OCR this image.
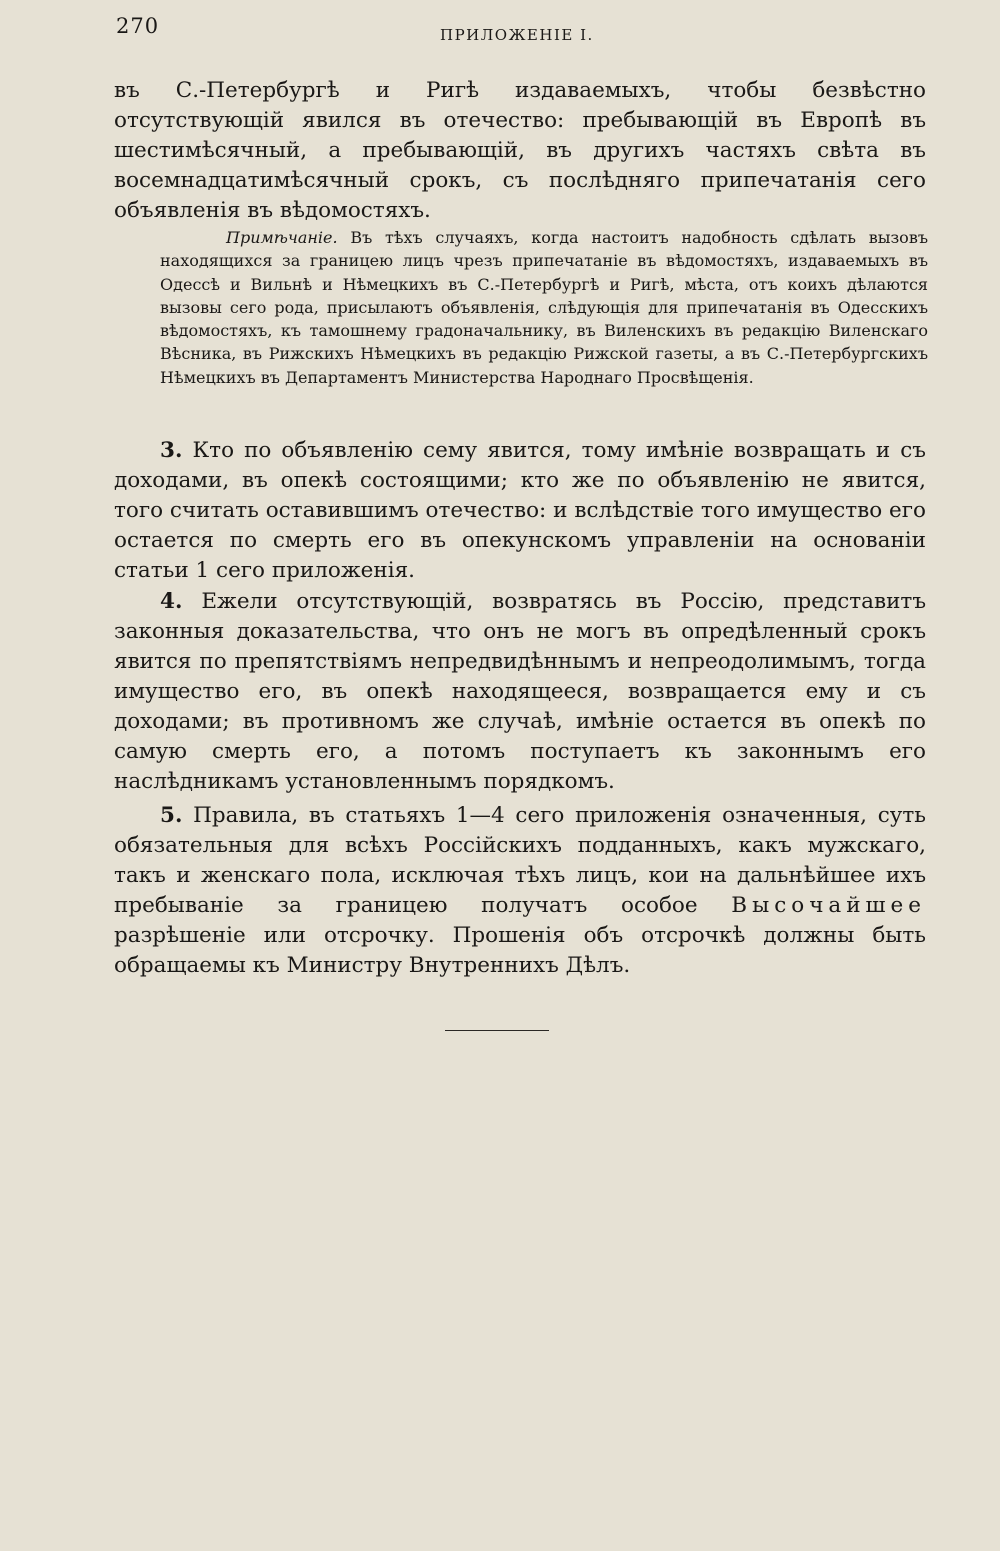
270	ПРИЛОЖЕНІЕ I.
въ С.-Петербургѣ и Ригѣ издаваемыхъ, чтобы безвѣстно отсутствующій явился въ отечество: пребывающій въ Европѣ въ шестимѣсячный, а пребывающій, въ другихъ частяхъ свѣта въ восемнадцатимѣсячный срокъ, съ послѣдняго припечатанія сего объявленія въ вѣдомостяхъ.
Примѣчаніе. Въ тѣхъ случаяхъ, когда настоитъ надобность сдѣлать вызовъ находящихся за границею лицъ чрезъ припечатаніе въ вѣдомостяхъ, издаваемыхъ въ Одессѣ и Вильнѣ и Нѣмецкихъ въ С.-Петербургѣ и Ригѣ, мѣста, отъ коихъ дѣлаются вызовы сего рода, присылаютъ объявленія, слѣдующія для припечатанія въ Одесскихъ вѣдомостяхъ, къ тамошнему градоначальнику, въ Виленскихъ въ редакцію Виленскаго Вѣсника, въ Рижскихъ Нѣмецкихъ въ редакцію Рижской газеты, а въ С.-Петербургскихъ Нѣмецкихъ въ Департаментъ Министерства Народнаго Просвѣщенія.
3. Кто по объявленію сему явится, тому имѣніе возвращать и съ доходами, въ опекѣ состоящими; кто же по объявленію не явится, того считать оставившимъ отечество: и вслѣдствіе того имущество его остается по смерть его въ опекунскомъ управленіи на основаніи статьи 1 сего приложенія.
4. Ежели отсутствующій, возвратясь въ Россію, представитъ законныя доказательства, что онъ не могъ въ опредѣленный срокъ явится по препятствіямъ непредвидѣннымъ и непреодолимымъ, тогда имущество его, въ опекѣ находящееся, возвращается ему и съ доходами; въ противномъ же случаѣ, имѣніе остается въ опекѣ по самую смерть его, а потомъ поступаетъ къ законнымъ его наслѣдникамъ установленнымъ порядкомъ.
5. Правила, въ статьяхъ 1—4 сего приложенія означенныя, суть обязательныя для всѣхъ Россійскихъ подданныхъ, какъ мужскаго, такъ и женскаго пола, исключая тѣхъ лицъ, кои на дальнѣйшее ихъ пребываніе за границею получатъ особое Высочайшее разрѣшеніе или отсрочку. Прошенія объ отсрочкѣ должны быть обращаемы къ Министру Внутреннихъ Дѣлъ.
